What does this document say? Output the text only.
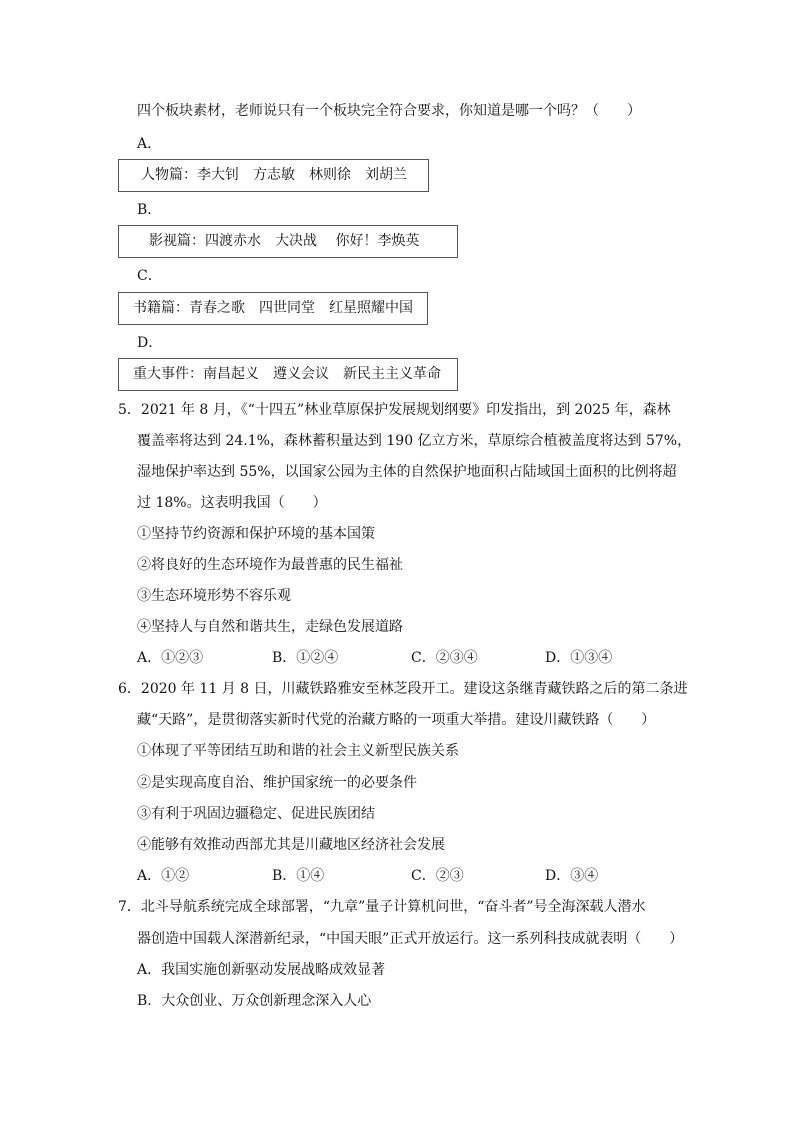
四个板块素材，老师说只有一个板块完全符合要求，你知道是哪一个吗？（　　）
A．
人物篇：李大钊　方志敏　林则徐　刘胡兰
B．
影视篇：四渡赤水　大决战　 你好！李焕英
C．
书籍篇：青春之歌　四世同堂　红星照耀中国
D．
重大事件：南昌起义　遵义会议　新民主主义革命
5．2021 年 8 月，《“十四五”林业草原保护发展规划纲要》印发指出，到 2025 年，森林
覆盖率将达到 24.1%，森林蓄积量达到 190 亿立方米，草原综合植被盖度将达到 57%，
湿地保护率达到 55%，以国家公园为主体的自然保护地面积占陆域国土面积的比例将超
过 18%。这表明我国（　　）
①坚持节约资源和保护环境的基本国策
②将良好的生态环境作为最普惠的民生福祉
③生态环境形势不容乐观
④坚持人与自然和谐共生，走绿色发展道路
A．①②③	B．①②④	C．②③④	D．①③④
6．2020 年 11 月 8 日，川藏铁路雅安至林芝段开工。建设这条继青藏铁路之后的第二条进
藏“天路”，是贯彻落实新时代党的治藏方略的一项重大举措。建设川藏铁路（　　）
①体现了平等团结互助和谐的社会主义新型民族关系
②是实现高度自治、维护国家统一的必要条件
③有利于巩固边疆稳定、促进民族团结
④能够有效推动西部尤其是川藏地区经济社会发展
A．①②	B．①④	C．②③	D．③④
7．北斗导航系统完成全球部署，“九章”量子计算机问世，“奋斗者”号全海深载人潜水
器创造中国载人深潜新纪录，“中国天眼”正式开放运行。这一系列科技成就表明（　　）
A．我国实施创新驱动发展战略成效显著
B．大众创业、万众创新理念深入人心
